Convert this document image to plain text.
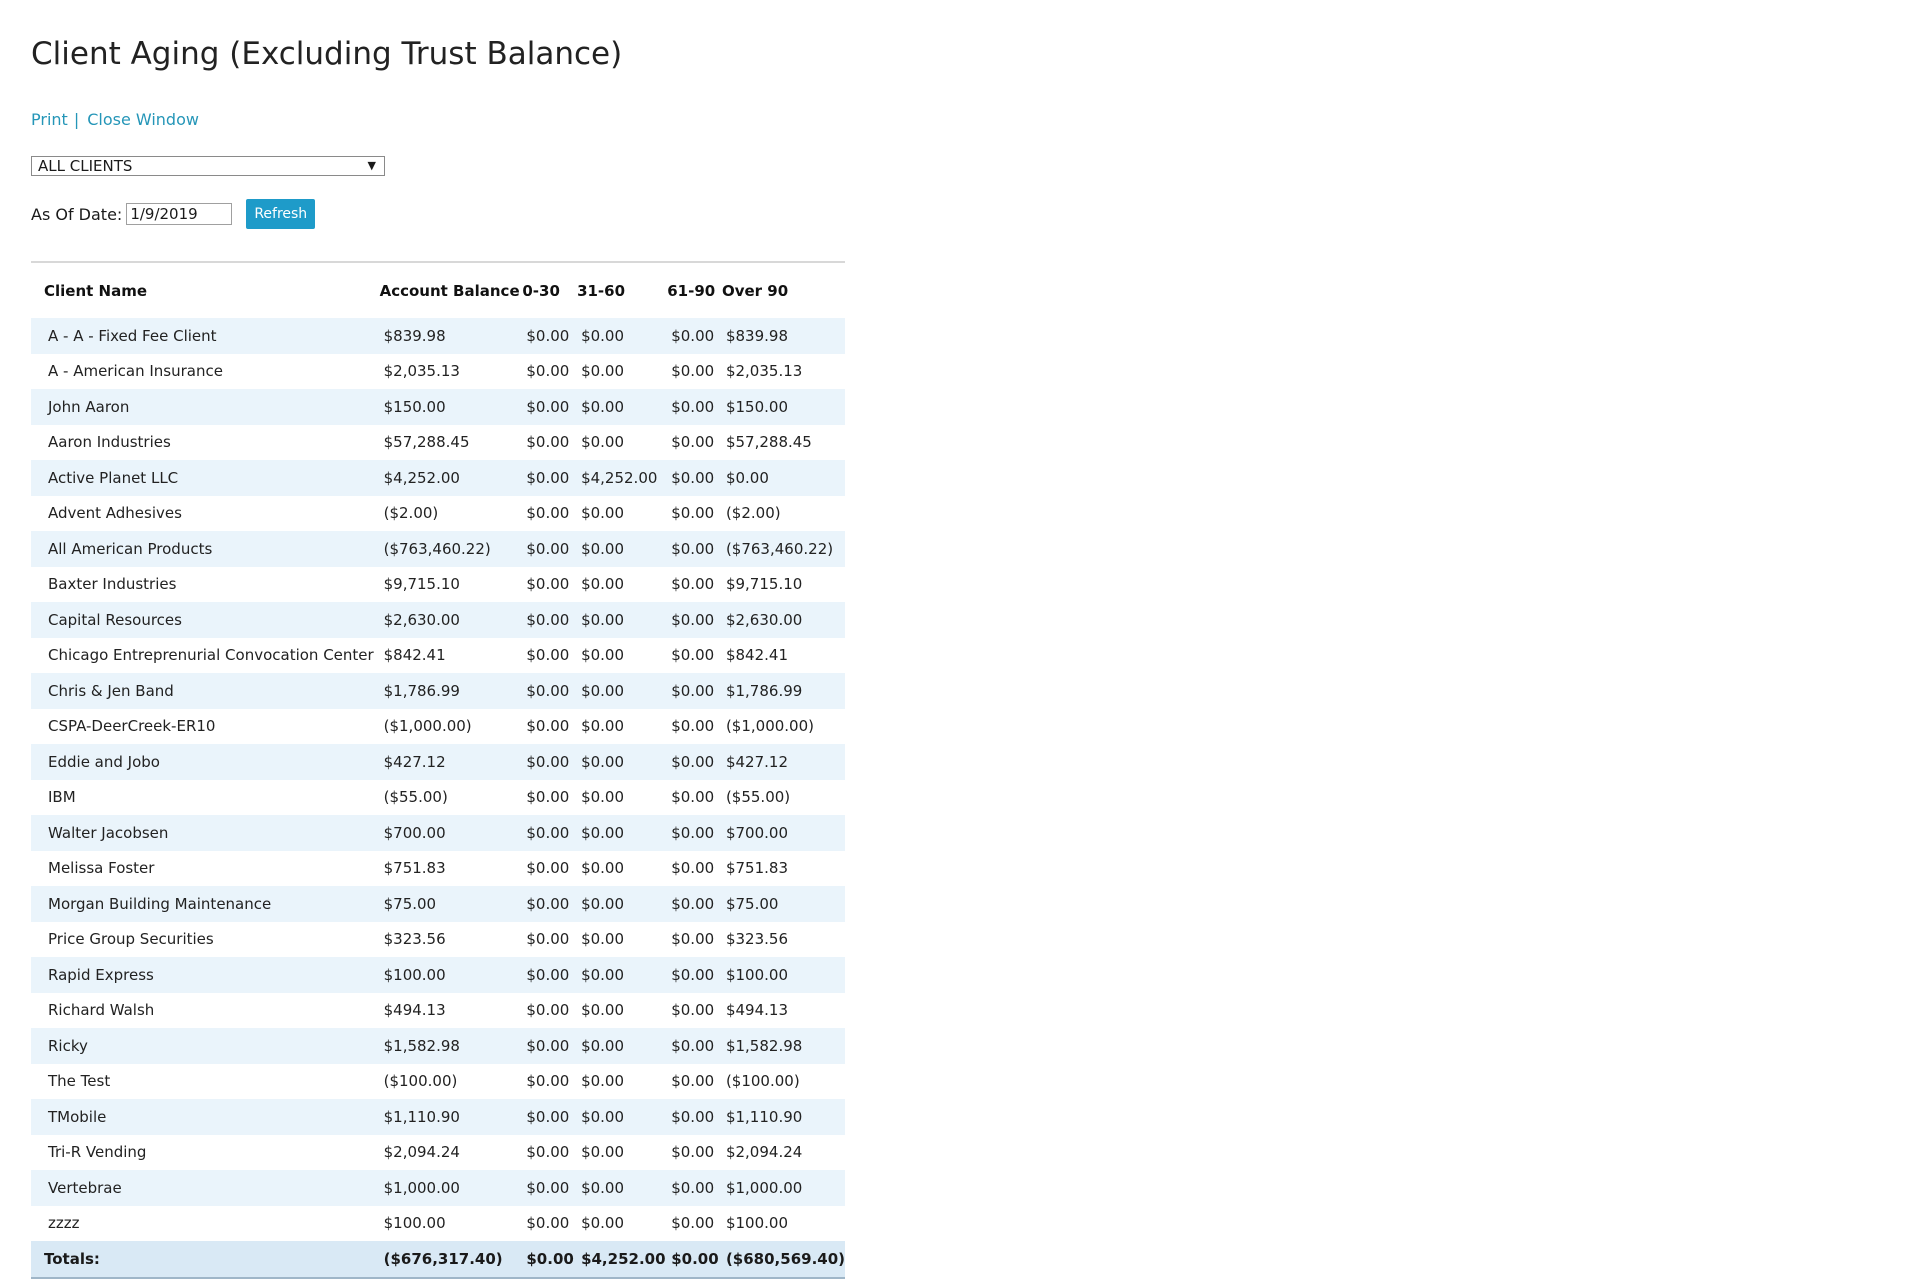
Client Aging (Excluding Trust Balance)
Print | Close Window
ALL CLIENTS	▼
As Of Date:
1/9/2019	Refresh
Client Name	Account Balance	0-30	31-60	61-90	Over 90
A - A - Fixed Fee Client	$839.98	$0.00	$0.00	$0.00	$839.98
A - American Insurance	$2,035.13	$0.00	$0.00	$0.00	$2,035.13
John Aaron	$150.00	$0.00	$0.00	$0.00	$150.00
Aaron Industries	$57,288.45	$0.00	$0.00	$0.00	$57,288.45
Active Planet LLC	$4,252.00	$0.00	$4,252.00	$0.00	$0.00
Advent Adhesives	($2.00)	$0.00	$0.00	$0.00	($2.00)
All American Products	($763,460.22)	$0.00	$0.00	$0.00	($763,460.22)
Baxter Industries	$9,715.10	$0.00	$0.00	$0.00	$9,715.10
Capital Resources	$2,630.00	$0.00	$0.00	$0.00	$2,630.00
Chicago Entreprenurial Convocation Center	$842.41	$0.00	$0.00	$0.00	$842.41
Chris & Jen Band	$1,786.99	$0.00	$0.00	$0.00	$1,786.99
CSPA-DeerCreek-ER10	($1,000.00)	$0.00	$0.00	$0.00	($1,000.00)
Eddie and Jobo	$427.12	$0.00	$0.00	$0.00	$427.12
IBM	($55.00)	$0.00	$0.00	$0.00	($55.00)
Walter Jacobsen	$700.00	$0.00	$0.00	$0.00	$700.00
Melissa Foster	$751.83	$0.00	$0.00	$0.00	$751.83
Morgan Building Maintenance	$75.00	$0.00	$0.00	$0.00	$75.00
Price Group Securities	$323.56	$0.00	$0.00	$0.00	$323.56
Rapid Express	$100.00	$0.00	$0.00	$0.00	$100.00
Richard Walsh	$494.13	$0.00	$0.00	$0.00	$494.13
Ricky	$1,582.98	$0.00	$0.00	$0.00	$1,582.98
The Test	($100.00)	$0.00	$0.00	$0.00	($100.00)
TMobile	$1,110.90	$0.00	$0.00	$0.00	$1,110.90
Tri-R Vending	$2,094.24	$0.00	$0.00	$0.00	$2,094.24
Vertebrae	$1,000.00	$0.00	$0.00	$0.00	$1,000.00
zzzz	$100.00	$0.00	$0.00	$0.00	$100.00
Totals:	($676,317.40)	$0.00	$4,252.00	$0.00	($680,569.40)
